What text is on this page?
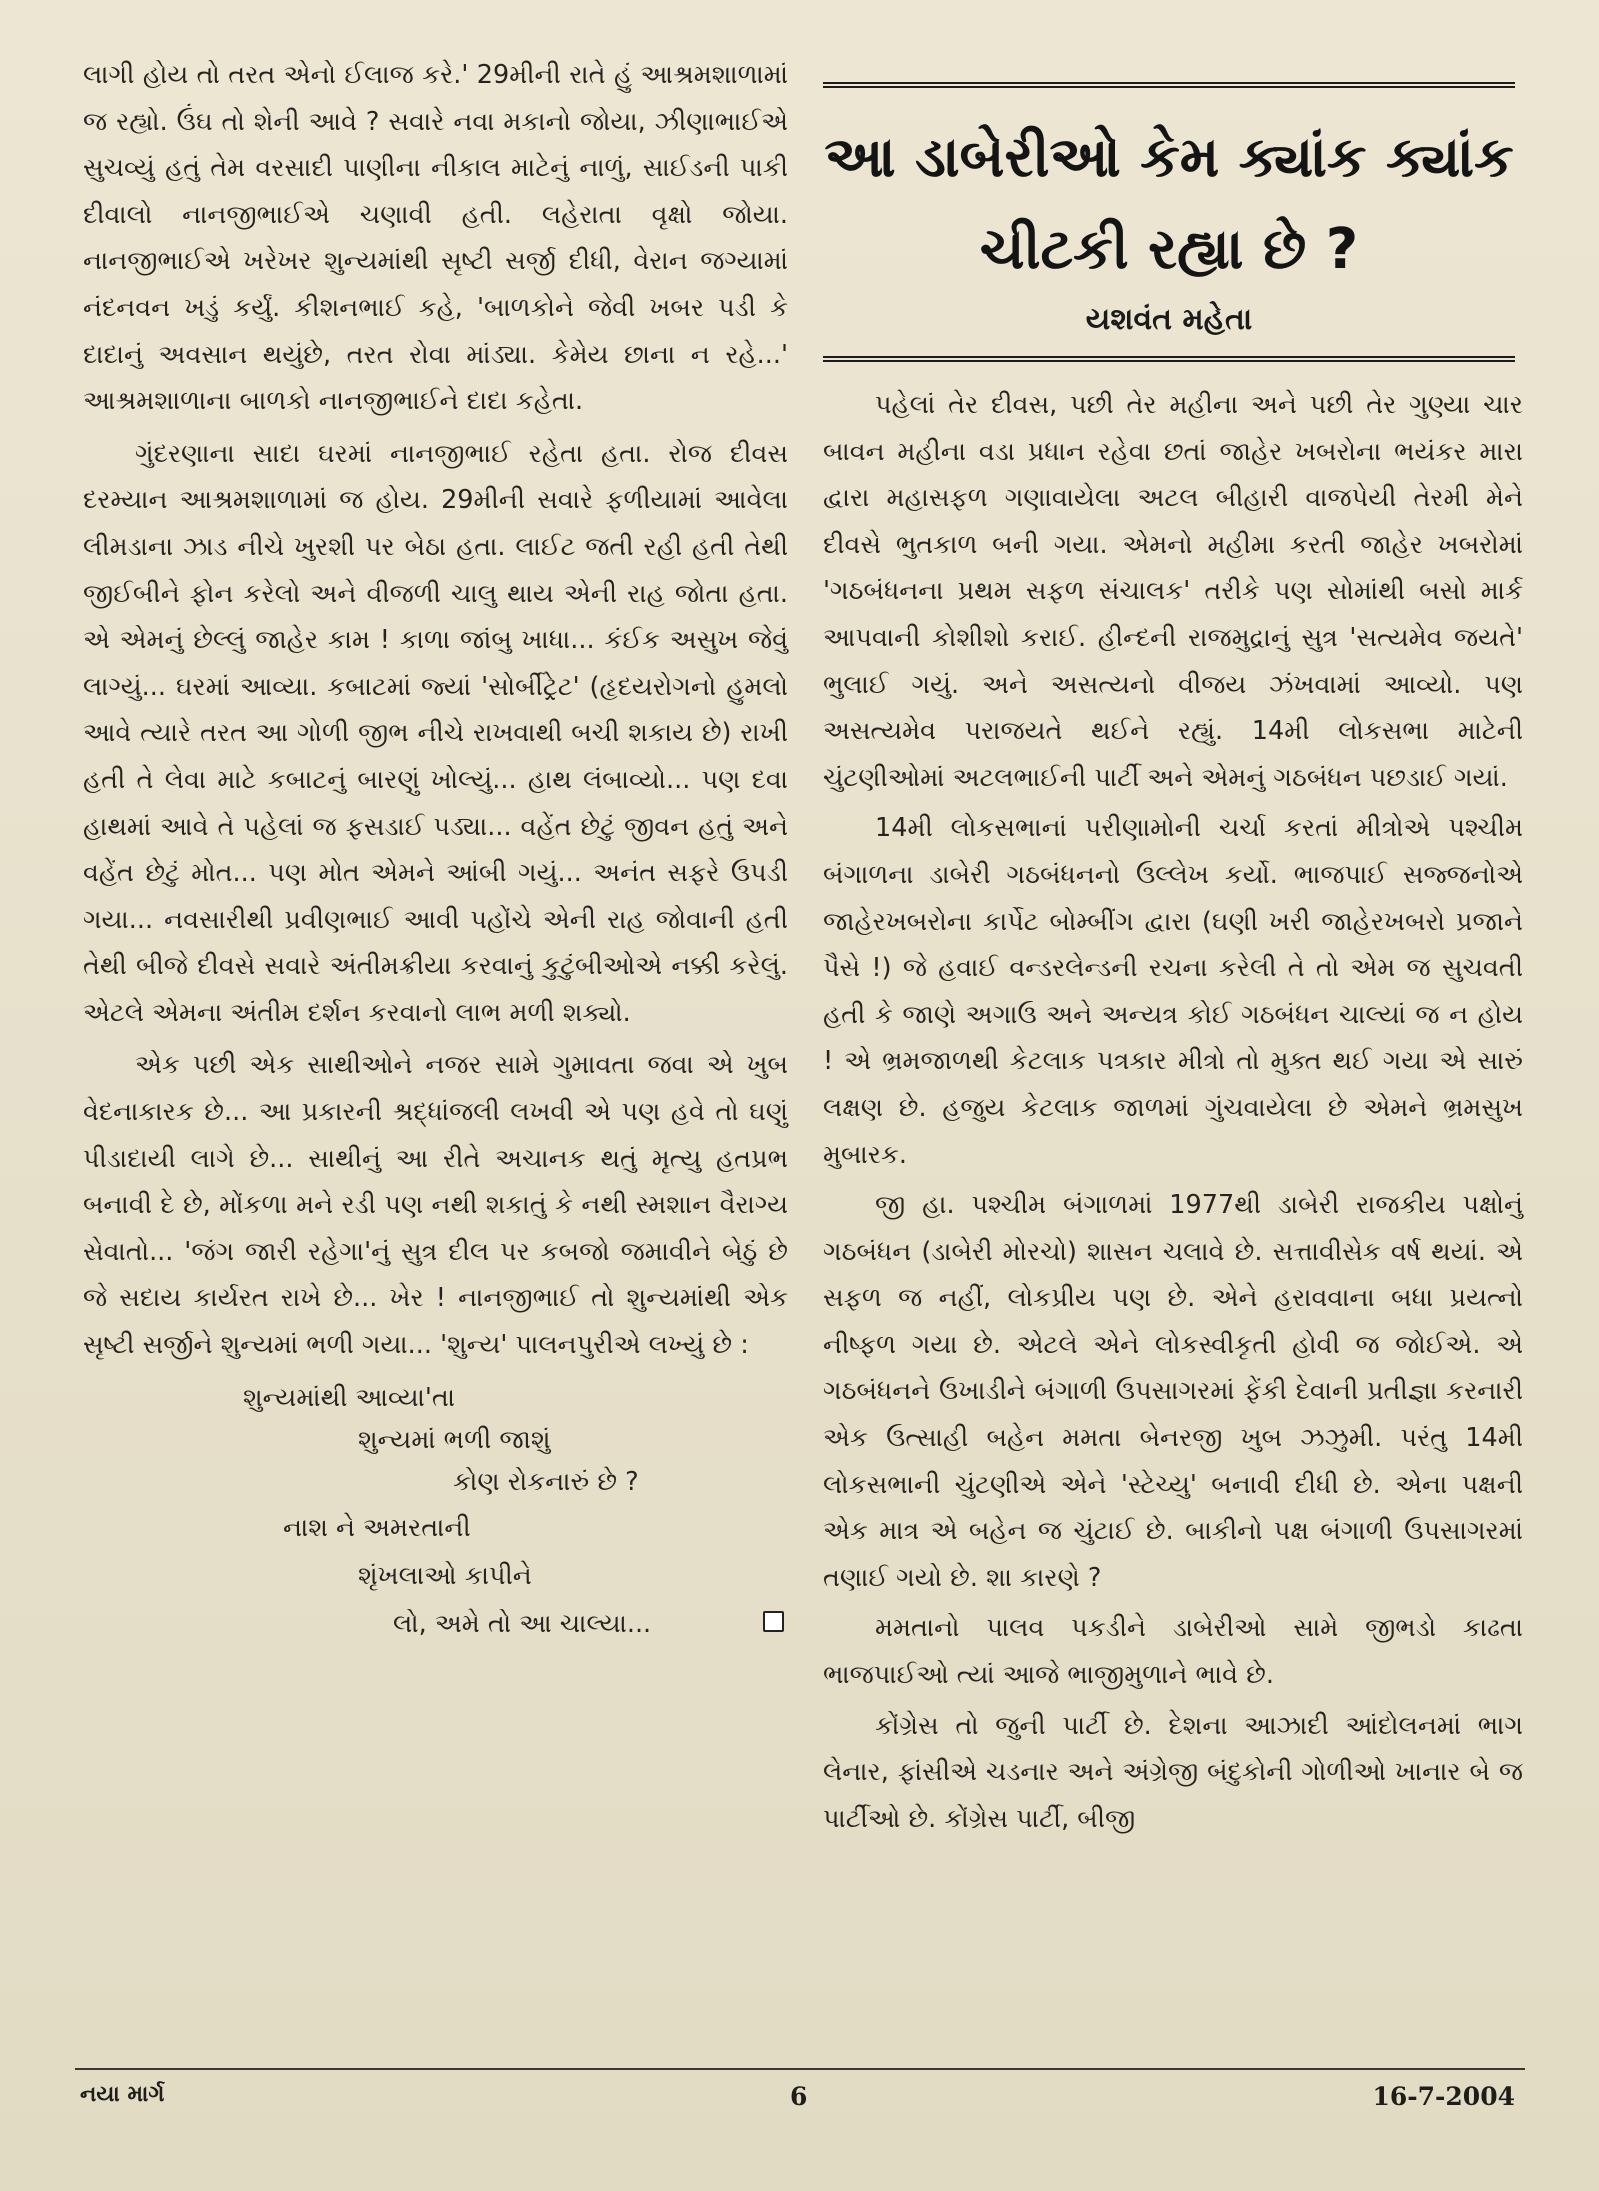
લાગી હોય તો તરત એનો ઈલાજ કરે.' 29મીની રાતે હું આશ્રમશાળામાં જ રહ્યો. ઉંઘ તો શેની આવે ? સવારે નવા મકાનો જોયા, ઝીણાભાઈએ સુચવ્યું હતું તેમ વરસાદી પાણીના નીકાલ માટેનું નાળું, સાઈડની પાકી દીવાલો નાનજીભાઈએ ચણાવી હતી. લહેરાતા વૃક્ષો જોયા. નાનજીભાઈએ ખરેખર શુન્યમાંથી સૃષ્ટી સર્જી દીધી, વેરાન જગ્યામાં નંદનવન ખડું કર્યું. કીશનભાઈ કહે, 'બાળકોને જેવી ખબર પડી કે દાદાનું અવસાન થયુંછે, તરત રોવા માંડ્યા. કેમેય છાના ન રહે...' આશ્રમશાળાના બાળકો નાનજીભાઈને દાદા કહેતા.

ગુંદરણાના સાદા ઘરમાં નાનજીભાઈ રહેતા હતા. રોજ દીવસ દરમ્યાન આશ્રમશાળામાં જ હોય. 29મીની સવારે ફળીયામાં આવેલા લીમડાના ઝાડ નીચે ખુરશી પર બેઠા હતા. લાઈટ જતી રહી હતી તેથી જીઈબીને ફોન કરેલો અને વીજળી ચાલુ થાય એની રાહ જોતા હતા. એ એમનું છેલ્લું જાહેર કામ ! કાળા જાંબુ ખાધા... કંઈક અસુખ જેવું લાગ્યું... ઘરમાં આવ્યા. કબાટમાં જ્યાં 'સોર્બીટ્રેટ' (હૃદયરોગનો હુમલો આવે ત્યારે તરત આ ગોળી જીભ નીચે રાખવાથી બચી શકાય છે) રાખી હતી તે લેવા માટે કબાટનું બારણું ખોલ્યું... હાથ લંબાવ્યો... પણ દવા હાથમાં આવે તે પહેલાં જ ફસડાઈ પડ્યા... વહેંત છેટું જીવન હતું અને વહેંત છેટું મોત... પણ મોત એમને આંબી ગયું... અનંત સફરે ઉપડી ગયા... નવસારીથી પ્રવીણભાઈ આવી પહોંચે એની રાહ જોવાની હતી તેથી બીજે દીવસે સવારે અંતીમક્રીયા કરવાનું કુટુંબીઓએ નક્કી કરેલું. એટલે એમના અંતીમ દર્શન કરવાનો લાભ મળી શક્યો.

એક પછી એક સાથીઓને નજર સામે ગુમાવતા જવા એ ખુબ વેદનાકારક છે... આ પ્રકારની શ્રદ્ધાંજલી લખવી એ પણ હવે તો ઘણું પીડાદાયી લાગે છે... સાથીનું આ રીતે અચાનક થતું મૃત્યુ હતપ્રભ બનાવી દે છે, મોંકળા મને રડી પણ નથી શકાતું કે નથી સ્મશાન વૈરાગ્ય સેવાતો... 'જંગ જારી રહેગા'નું સુત્ર દીલ પર કબજો જમાવીને બેઠું છે જે સદાય કાર્યરત રાખે છે... ખેર ! નાનજીભાઈ તો શુન્યમાંથી એક સૃષ્ટી સર્જીને શુન્યમાં ભળી ગયા... 'શુન્ય' પાલનપુરીએ લખ્યું છે :

શુન્યમાંથી આવ્યા'તા
શુન્યમાં ભળી જાશું
કોણ રોકનારું છે ?
નાશ ને અમરતાની
શૃંખલાઓ કાપીને
લો, અમે તો આ ચાલ્યા...
આ ડાબેરીઓ કેમ ક્યાંક ક્યાંક
ચીટકી રહ્યા છે ?
યશવંત મહેતા

પહેલાં તેર દીવસ, પછી તેર મહીના અને પછી તેર ગુણ્યા ચાર બાવન મહીના વડા પ્રધાન રહેવા છતાં જાહેર ખબરોના ભયંકર મારા દ્વારા મહાસફળ ગણાવાયેલા અટલ બીહારી વાજપેયી તેરમી મેને દીવસે ભુતકાળ બની ગયા. એમનો મહીમા કરતી જાહેર ખબરોમાં 'ગઠબંધનના પ્રથમ સફળ સંચાલક' તરીકે પણ સોમાંથી બસો માર્ક આપવાની કોશીશો કરાઈ. હીન્દની રાજમુદ્રાનું સુત્ર 'સત્યમેવ જયતે' ભુલાઈ ગયું. અને અસત્યનો વીજય ઝંખવામાં આવ્યો. પણ અસત્યમેવ પરાજયતે થઈને રહ્યું. 14મી લોકસભા માટેની ચુંટણીઓમાં અટલભાઈની પાર્ટી અને એમનું ગઠબંધન પછડાઈ ગયાં.

14મી લોકસભાનાં પરીણામોની ચર્ચા કરતાં મીત્રોએ પશ્ચીમ બંગાળના ડાબેરી ગઠબંધનનો ઉલ્લેખ કર્યો. ભાજપાઈ સજ્જનોએ જાહેરખબરોના કાર્પેટ બોમ્બીંગ દ્વારા (ઘણી ખરી જાહેરખબરો પ્રજાને પૈસે !) જે હવાઈ વન્ડરલેન્ડની રચના કરેલી તે તો એમ જ સુચવતી હતી કે જાણે અગાઉ અને અન્યત્ર કોઈ ગઠબંધન ચાલ્યાં જ ન હોય ! એ ભ્રમજાળથી કેટલાક પત્રકાર મીત્રો તો મુક્ત થઈ ગયા એ સારું લક્ષણ છે. હજુય કેટલાક જાળમાં ગુંચવાયેલા છે એમને ભ્રમસુખ મુબારક.

જી હા. પશ્ચીમ બંગાળમાં 1977થી ડાબેરી રાજકીય પક્ષોનું ગઠબંધન (ડાબેરી મોરચો) શાસન ચલાવે છે. સત્તાવીસેક વર્ષ થયાં. એ સફળ જ નહીં, લોકપ્રીય પણ છે. એને હરાવવાના બધા પ્રયત્નો નીષ્ફળ ગયા છે. એટલે એને લોકસ્વીકૃતી હોવી જ જોઈએ. એ ગઠબંધનને ઉખાડીને બંગાળી ઉપસાગરમાં ફેંકી દેવાની પ્રતીજ્ઞા કરનારી એક ઉત્સાહી બહેન મમતા બેનરજી ખુબ ઝઝુમી. પરંતુ 14મી લોકસભાની ચુંટણીએ એને 'સ્ટેચ્યુ' બનાવી દીધી છે. એના પક્ષની એક માત્ર એ બહેન જ ચુંટાઈ છે. બાકીનો પક્ષ બંગાળી ઉપસાગરમાં તણાઈ ગયો છે. શા કારણે ?

મમતાનો પાલવ પકડીને ડાબેરીઓ સામે જીભડો કાઢતા ભાજપાઈઓ ત્યાં આજે ભાજીમુળાને ભાવે છે.

કોંગ્રેસ તો જુની પાર્ટી છે. દેશના આઝાદી આંદોલનમાં ભાગ લેનાર, ફાંસીએ ચડનાર અને અંગ્રેજી બંદુકોની ગોળીઓ ખાનાર બે જ પાર્ટીઓ છે. કોંગ્રેસ પાર્ટી, બીજી

નયા માર્ગ	6	16-7-2004
